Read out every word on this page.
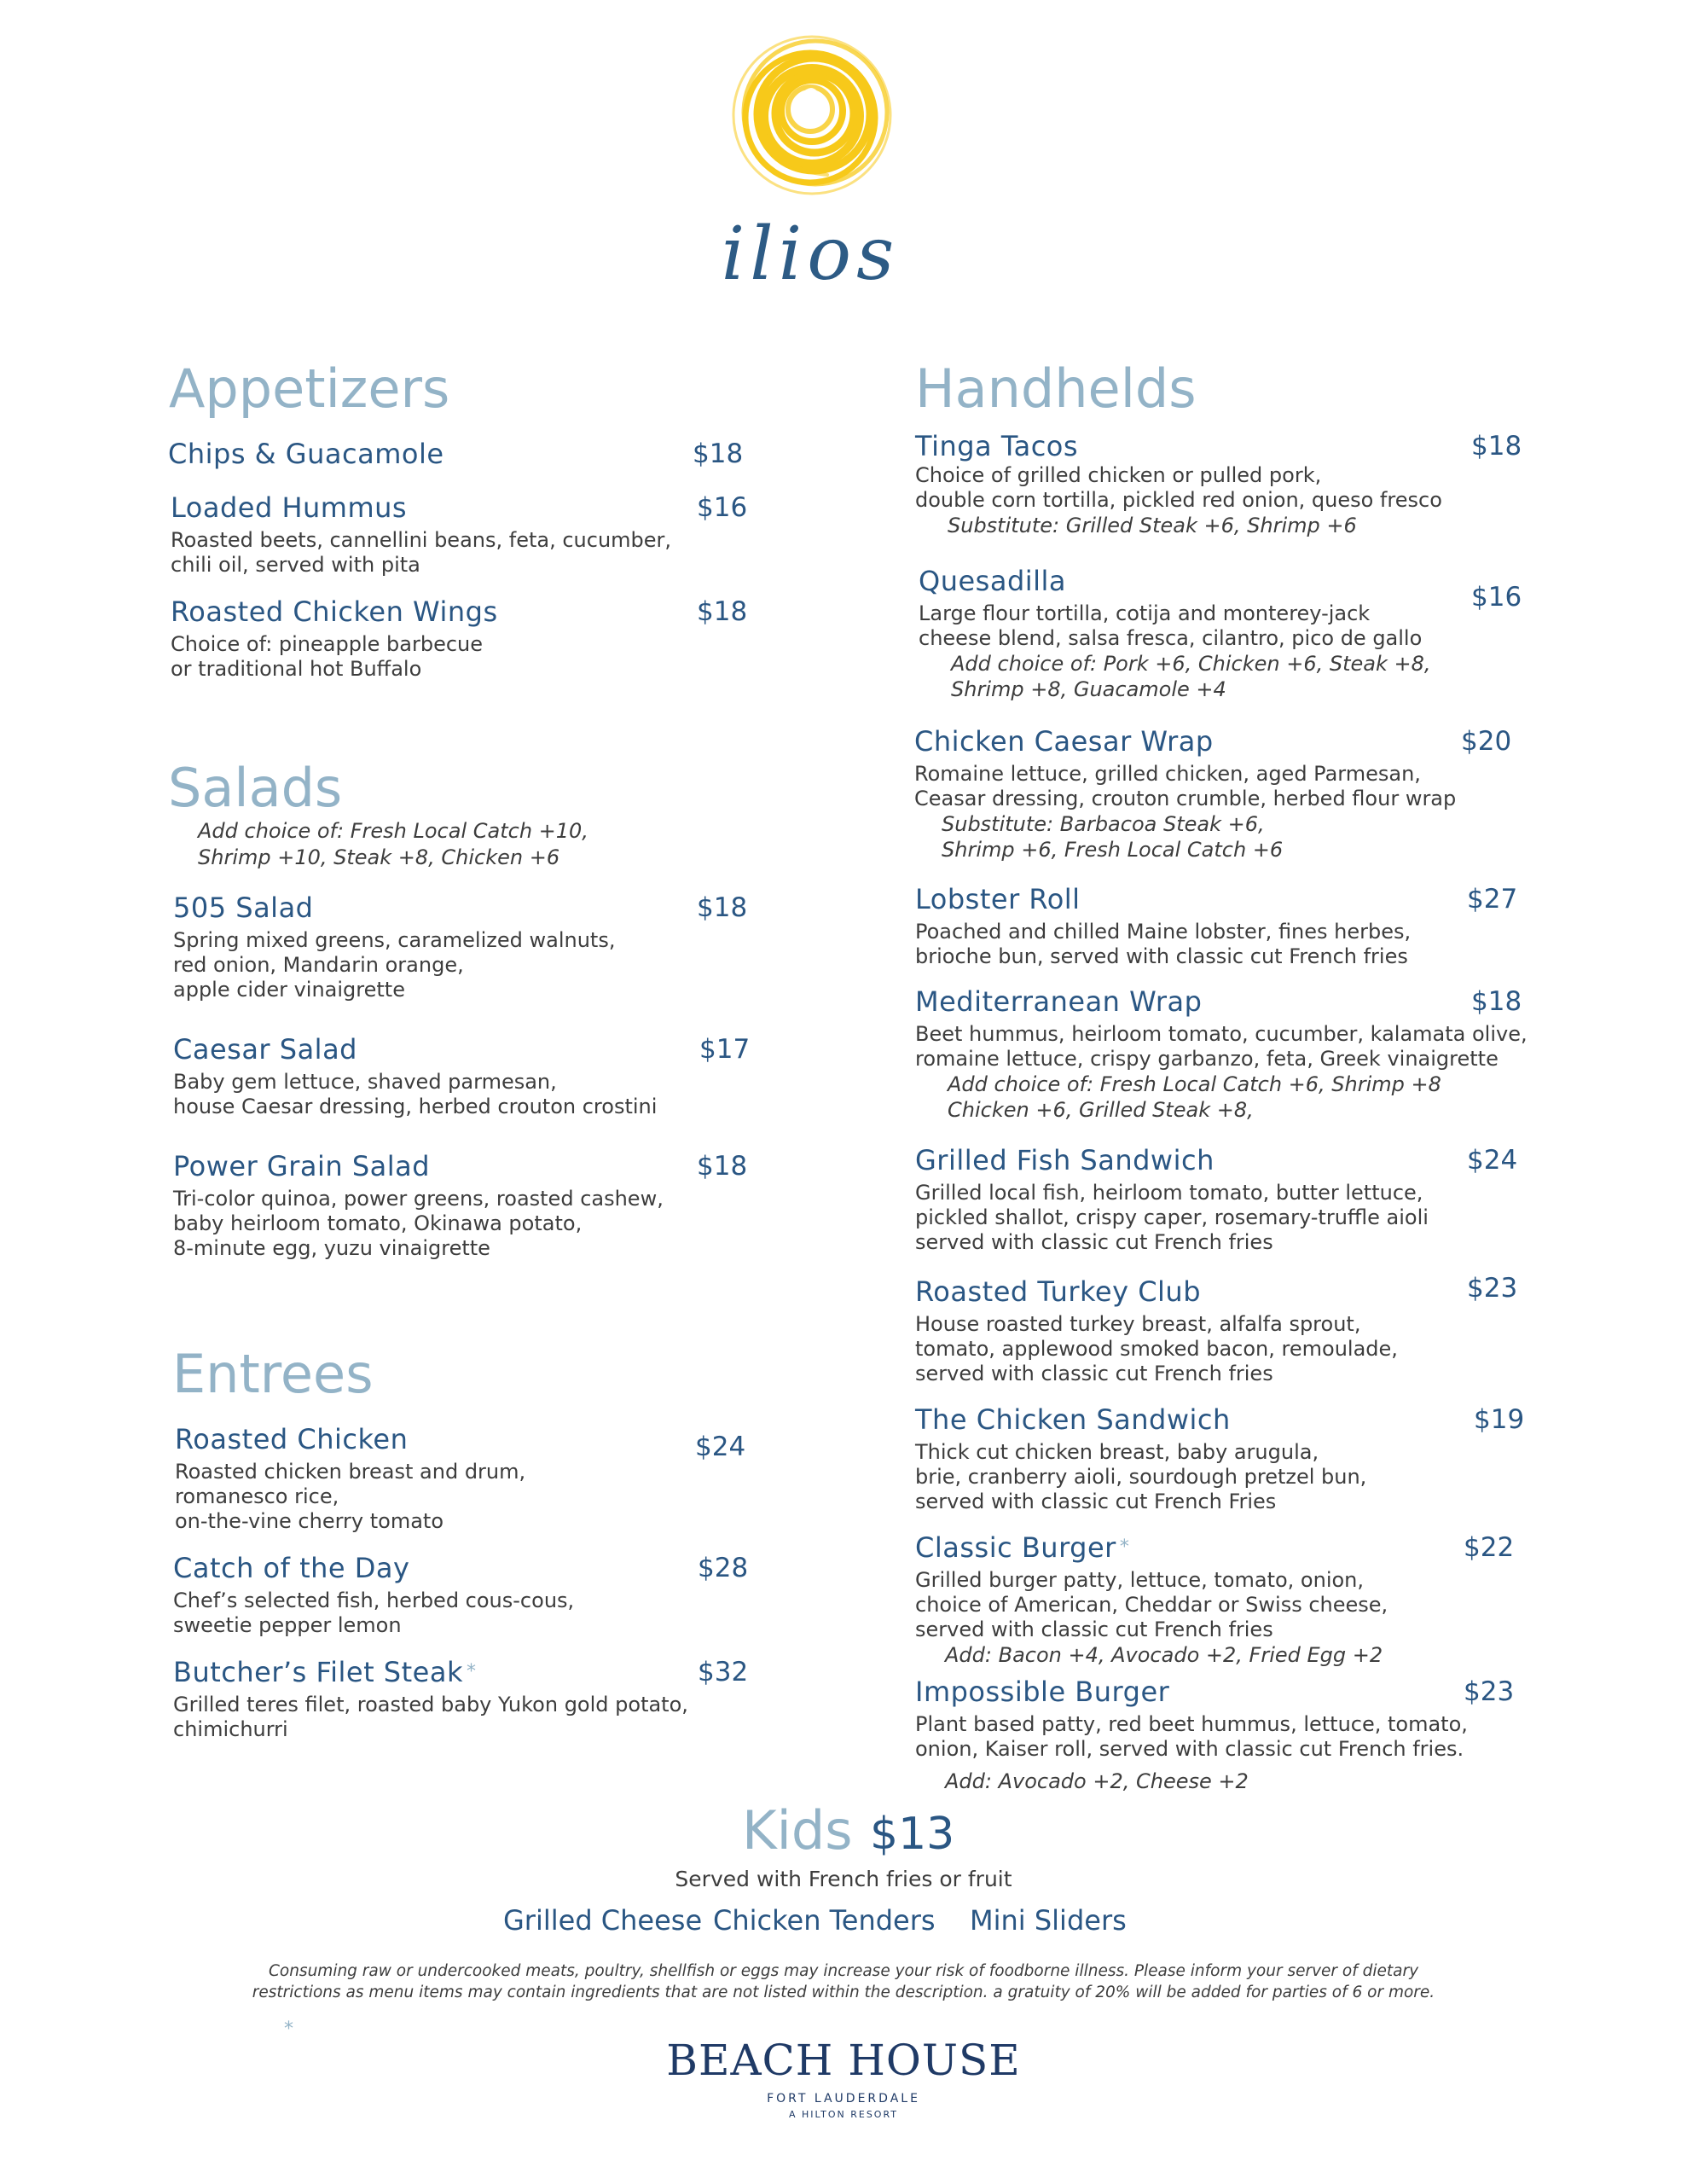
ilios
Appetizers
Chips & Guacamole	$18
Loaded Hummus
Roasted beets, cannellini beans, feta, cucumber,
chili oil, served with pita
$16
Roasted Chicken Wings
Choice of: pineapple barbecue
or traditional hot Buffalo
$18
Salads
Add choice of: Fresh Local Catch +10,
Shrimp +10, Steak +8, Chicken +6
505 Salad
Spring mixed greens, caramelized walnuts,
red onion, Mandarin orange,
apple cider vinaigrette
$18
Caesar Salad
Baby gem lettuce, shaved parmesan,
house Caesar dressing, herbed crouton crostini
$17
Power Grain Salad
Tri-color quinoa, power greens, roasted cashew,
baby heirloom tomato, Okinawa potato,
8-minute egg, yuzu vinaigrette
$18
Entrees
Roasted Chicken
Roasted chicken breast and drum,
romanesco rice,
on-the-vine cherry tomato
$24
Catch of the Day
Chef’s selected fish, herbed cous-cous,
sweetie pepper lemon
$28
Butcher’s Filet Steak *
Grilled teres filet, roasted baby Yukon gold potato,
chimichurri
$32
Handhelds
Tinga Tacos
Choice of grilled chicken or pulled pork,
double corn tortilla, pickled red onion, queso fresco
Substitute: Grilled Steak +6, Shrimp +6
$18
Quesadilla
Large flour tortilla, cotija and monterey-jack
cheese blend, salsa fresca, cilantro, pico de gallo
Add choice of: Pork +6, Chicken +6, Steak +8,
Shrimp +8, Guacamole +4
$16
Chicken Caesar Wrap
Romaine lettuce, grilled chicken, aged Parmesan,
Ceasar dressing, crouton crumble, herbed flour wrap
Substitute: Barbacoa Steak +6,
Shrimp +6, Fresh Local Catch +6
$20
Lobster Roll
Poached and chilled Maine lobster, fines herbes,
brioche bun, served with classic cut French fries
$27
Mediterranean Wrap
Beet hummus, heirloom tomato, cucumber, kalamata olive,
romaine lettuce, crispy garbanzo, feta, Greek vinaigrette
Add choice of: Fresh Local Catch +6, Shrimp +8
Chicken +6, Grilled Steak +8,
$18
Grilled Fish Sandwich
Grilled local fish, heirloom tomato, butter lettuce,
pickled shallot, crispy caper, rosemary-truffle aioli
served with classic cut French fries
$24
Roasted Turkey Club
House roasted turkey breast, alfalfa sprout,
tomato, applewood smoked bacon, remoulade,
served with classic cut French fries
$23
The Chicken Sandwich
Thick cut chicken breast, baby arugula,
brie, cranberry aioli, sourdough pretzel bun,
served with classic cut French Fries
$19
Classic Burger *
Grilled burger patty, lettuce, tomato, onion,
choice of American, Cheddar or Swiss cheese,
served with classic cut French fries
Add: Bacon +4, Avocado +2, Fried Egg +2
$22
Impossible Burger
Plant based patty, red beet hummus, lettuce, tomato,
onion, Kaiser roll, served with classic cut French fries.
Add: Avocado +2, Cheese +2
$23
Kids $13
Served with French fries or fruit
Grilled Cheese Chicken Tenders Mini Sliders
Consuming raw or undercooked meats, poultry, shellfish or eggs may increase your risk of foodborne illness. Please inform your server of dietary
restrictions as menu items may contain ingredients that are not listed within the description. a gratuity of 20% will be added for parties of 6 or more.
*
BEACH HOUSE
FORT LAUDERDALE
A HILTON RESORT
